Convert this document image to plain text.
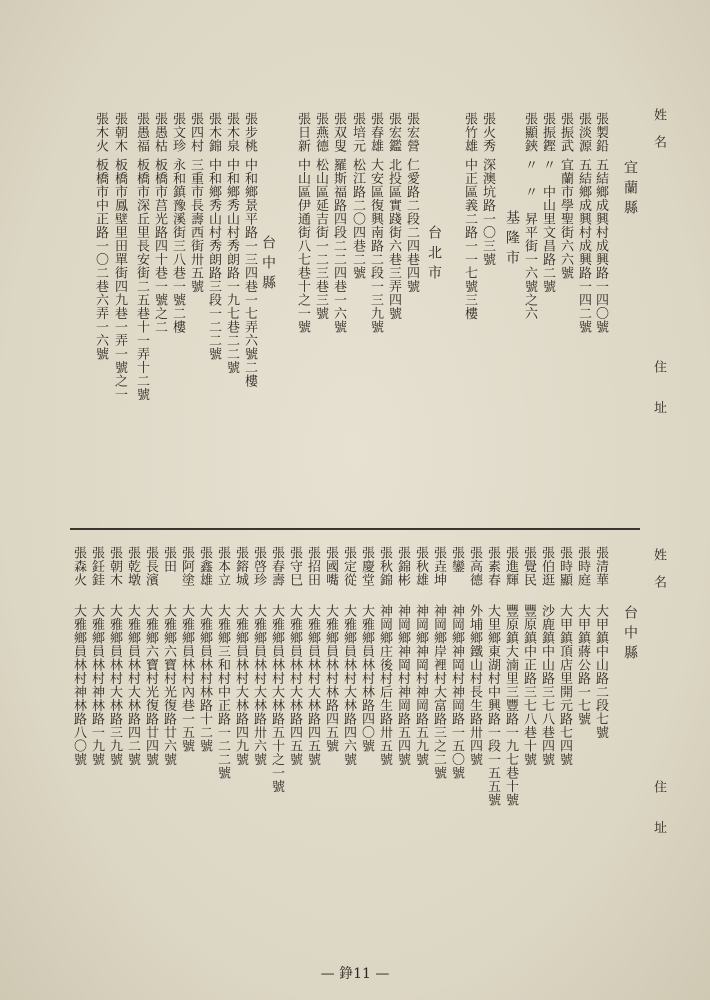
姓　名
住　　址
宜蘭縣
基隆市
台北市
台中縣
張製鉛
五結鄉成興村成興路一四〇號
張淡源
五結鄉成興村成興路一四二號
張振武
宜蘭市學聖街六六號
張振鏗
〃　中山里文昌路二號
張顯鋏
〃　〃　昇平街一六號之六
張火秀
深澳坑路一〇三號
張竹雄
中正區義二路一一七號三樓
張宏營
仁愛路二段二四巷四號
張宏鑑
北投區實踐街六巷三弄四號
張春雄
大安區復興南路二段一三九號
張培元
松江路二〇四巷二號
張双叟
羅斯福路四段二二四巷一六號
張燕德
松山區延吉街一二三巷三號
張日新
中山區伊通街八七巷十之一號
張步桃
中和鄉景平路一三四巷一七弄六號二樓
張木泉
中和鄉秀山村秀朗路一九七巷二二號
張木錦
中和鄉秀山村秀朗路三段一二二號
張四村
三重市長壽西街卅五號
張文珍
永和鎮豫溪街三八巷一號二樓
張愚枯
板橋市莒光路四十巷一號之二
張愚福
板橋市深丘里長安街二五巷十一弄十二號
張朝木
板橋市鳳壁里田單街四九巷一弄一號之一
張木火
板橋市中正路一〇二巷六弄一六號
姓　名
住　　址
台中縣
張清華
大甲鎮中山路二段七號
張時庭
大甲鎮蔣公路一七號
張時顯
大甲鎮頂店里開元路七四號
張伯逛
沙鹿鎮中山路三七八巷四號
張覺民
豐原鎮中正路三七八巷十號
張進輝
豐原鎮大湳里三豐路一九七巷十號
張素春
大里鄉東湖村中興路一段一五五號
張高德
外埔鄉鐵山村長生路卅四號
張鑾
神岡鄉神岡村神岡路一五〇號
張垚坤
神岡鄉岸裡村大富路三之二號
張秋雄
神岡鄉神岡村神岡路五九號
張錦彬
神岡鄉神岡村神岡路五四號
張秋錦
神岡鄉庄後村后生路卅五號
張慶堂
大雅鄉員林村林路四〇號
張定從
大雅鄉員林村大林路四六號
張國嘴
大雅鄉員林村林路四五號
張招田
大雅鄉員林村大林路四五號
張守巳
大雅鄉員林村大林路四五號
張春壽
大雅鄉員林村大林路五十之一號
張啓珍
大雅鄉員林村大林路卅六號
張鎔城
大雅鄉員林村大林路四九號
張本立
大雅鄉三和村中正路一二二號
張鑫雄
大雅鄉員林村林路十二號
張阿塗
大雅鄉員林村內巷一五號
張田
大雅鄉六寶村光復路廿六號
張長濱
大雅鄉六寶村光復路廿四號
張乾墩
大雅鄉員林村大林路四二號
張朝木
大雅鄉員林村大林路三九號
張鈓銈
大雅鄉員林村神林路一九號
張森火
大雅鄉員林村神林路八〇號
— 錚11 —
